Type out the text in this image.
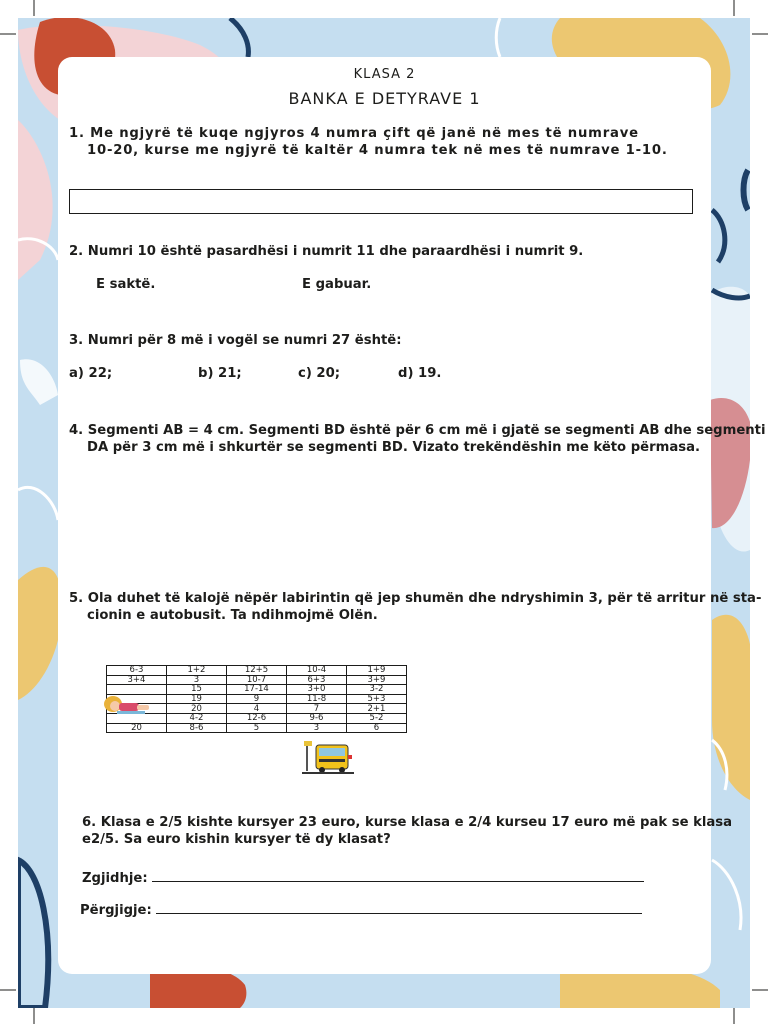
KLASA 2
BANKA E DETYRAVE 1
1. Me ngjyrë të kuqe ngjyros 4 numra çift që janë në mes të numrave
10-20, kurse me ngjyrë të kaltër 4 numra tek në mes të numrave 1-10.
2. Numri 10 është pasardhësi i numrit 11 dhe paraardhësi i numrit 9.
E saktë.	E gabuar.
3. Numri për 8 më i vogël se numri 27 është:
a) 22;	b) 21;	c) 20;	d) 19.
4. Segmenti AB = 4 cm. Segmenti BD është për 6 cm më i gjatë se segmenti AB dhe segmenti
DA për 3 cm më i shkurtër se segmenti BD. Vizato trekëndëshin me këto përmasa.
5. Ola duhet të kalojë nëpër labirintin që jep shumën dhe ndryshimin 3, për të arritur në sta-
cionin e autobusit. Ta ndihmojmë Olën.
6-3	1+2	12+5	10-4	1+9
3+4	3	10-7	6+3	3+9
	15	17-14	3+0	3-2
	19	9	11-8	5+3
	20	4	7	2+1
	4-2	12-6	9-6	5-2
20	8-6	5	3	6
6. Klasa e 2/5 kishte kursyer 23 euro, kurse klasa e 2/4 kurseu 17 euro më pak se klasa
e2/5. Sa euro kishin kursyer të dy klasat?
Zgjidhje:
Përgjigje:
